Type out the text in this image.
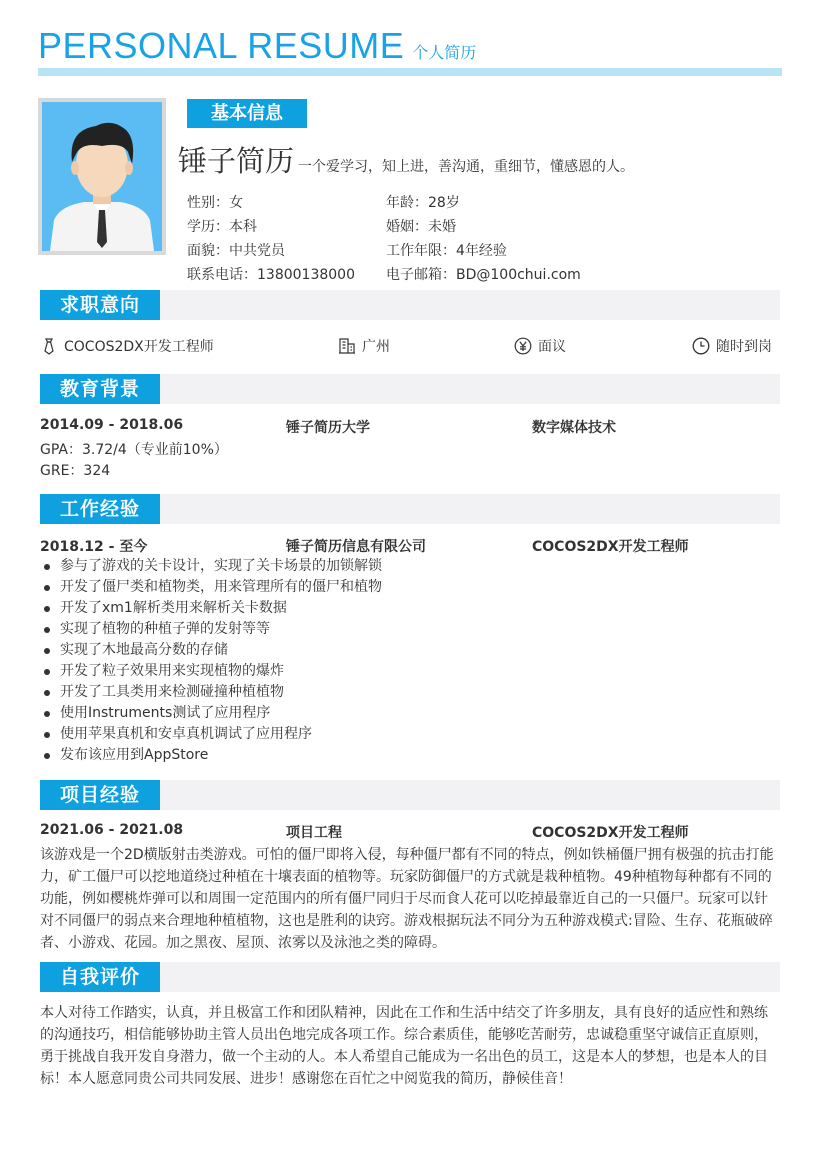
PERSONAL RESUME 个人简历
基本信息
锤子简历 一个爱学习，知上进，善沟通，重细节，懂感恩的人。
性别：女	年龄：28岁
学历：本科	婚姻：未婚
面貌：中共党员	工作年限：4年经验
联系电话：13800138000 电子邮箱：BD@100chui.com
求职意向
COCOS2DX开发工程师	广州	面议	随时到岗
教育背景
2014.09 - 2018.06	锤子简历大学	数字媒体技术
GPA：3.72/4（专业前10%）
GRE：324
工作经验
2018.12 - 至今	锤子简历信息有限公司	COCOS2DX开发工程师
参与了游戏的关卡设计，实现了关卡场景的加锁解锁
开发了僵尸类和植物类，用来管理所有的僵尸和植物
开发了xm1解析类用来解析关卡数据
实现了植物的种植子弹的发射等等
实现了木地最高分数的存储
开发了粒子效果用来实现植物的爆炸
开发了工具类用来检测碰撞种植植物
使用Instruments测试了应用程序
使用苹果真机和安卓真机调试了应用程序
发布该应用到AppStore
项目经验
2021.06 - 2021.08	项目工程	COCOS2DX开发工程师
该游戏是一个2D横版射击类游戏。可怕的僵尸即将入侵，每种僵尸都有不同的特点，例如铁桶僵尸拥有极强的抗击打能
力，矿工僵尸可以挖地道绕过种植在十壤表面的植物等。玩家防御僵尸的方式就是栽种植物。49种植物每种都有不同的
功能，例如樱桃炸弹可以和周围一定范围内的所有僵尸同归于尽而食人花可以吃掉最靠近自己的一只僵尸。玩家可以针
对不同僵尸的弱点来合理地种植植物，这也是胜利的诀窍。游戏根据玩法不同分为五种游戏模式:冒险、生存、花瓶破碎
者、小游戏、花园。加之黑夜、屋顶、浓雾以及泳池之类的障碍。
自我评价
本人对待工作踏实，认真，并且极富工作和团队精神，因此在工作和生活中结交了许多朋友，具有良好的适应性和熟练
的沟通技巧，相信能够协助主管人员出色地完成各项工作。综合素质佳，能够吃苦耐劳，忠诚稳重坚守诚信正直原则，
勇于挑战自我开发自身潜力，做一个主动的人。本人希望自己能成为一名出色的员工，这是本人的梦想，也是本人的目
标！本人愿意同贵公司共同发展、进步！感谢您在百忙之中阅览我的简历，静候佳音！
